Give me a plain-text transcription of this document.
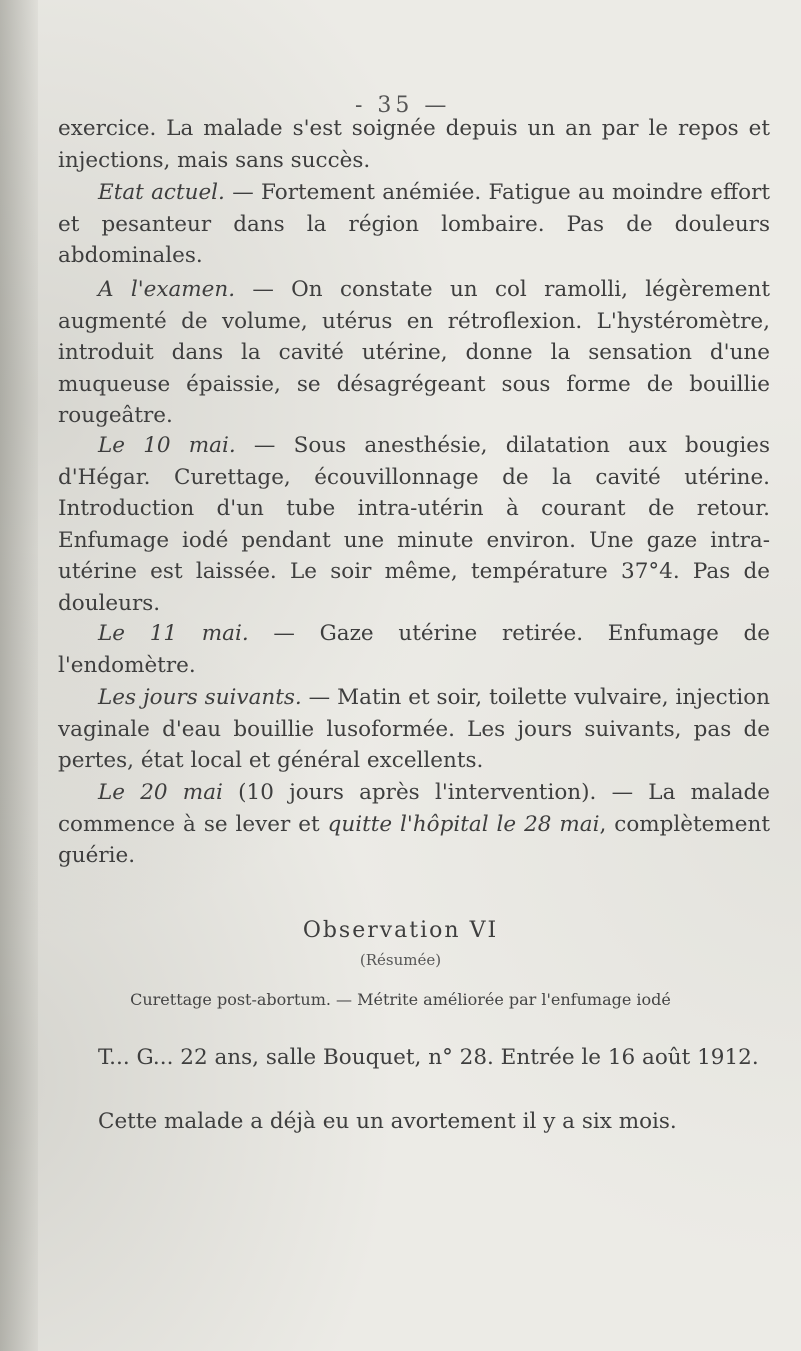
- 35 —
exercice. La malade s'est soignée depuis un an par le repos et injections, mais sans succès.
Etat actuel. — Fortement anémiée. Fatigue au moindre effort et pesanteur dans la région lombaire. Pas de douleurs abdominales.
A l'examen. — On constate un col ramolli, légèrement augmenté de volume, utérus en rétroflexion. L'hystéromètre, introduit dans la cavité utérine, donne la sensation d'une muqueuse épaissie, se désagrégeant sous forme de bouillie rougeâtre.
Le 10 mai. — Sous anesthésie, dilatation aux bougies d'Hégar. Curettage, écouvillonnage de la cavité utérine. Introduction d'un tube intra-utérin à courant de retour. Enfumage iodé pendant une minute environ. Une gaze intra-utérine est laissée. Le soir même, température 37°4. Pas de douleurs.
Le 11 mai. — Gaze utérine retirée. Enfumage de l'endomètre.
Les jours suivants. — Matin et soir, toilette vulvaire, injection vaginale d'eau bouillie lusoformée. Les jours suivants, pas de pertes, état local et général excellents.
Le 20 mai (10 jours après l'intervention). — La malade commence à se lever et quitte l'hôpital le 28 mai, complètement guérie.
Observation VI
(Résumée)
Curettage post-abortum. — Métrite améliorée par l'enfumage iodé
T... G... 22 ans, salle Bouquet, n° 28. Entrée le 16 août 1912.
Cette malade a déjà eu un avortement il y a six mois.
